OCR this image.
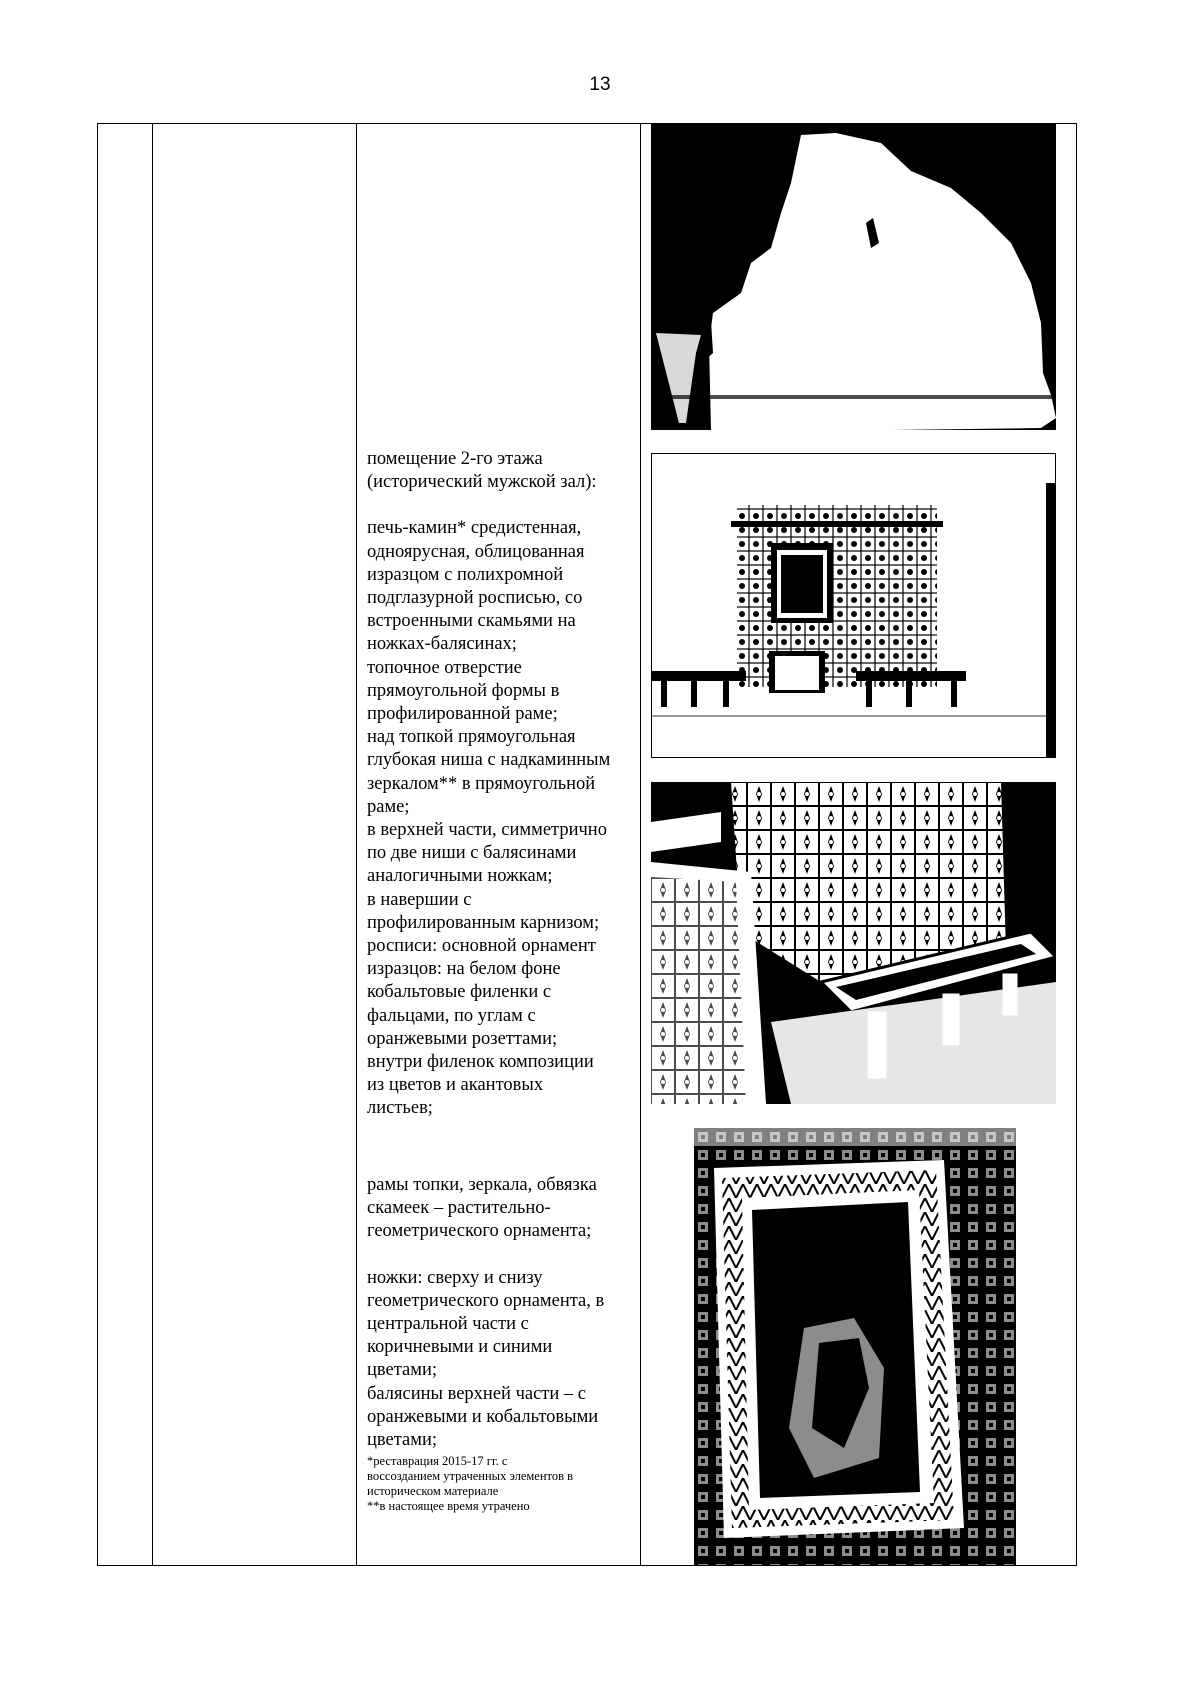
13

помещение 2-го этажа

(исторический мужской зал):

печь-камин* средистенная,

одноярусная, облицованная

изразцом с полихромной

подглазурной росписью, со

встроенными скамьями на

ножках-балясинах;

топочное отверстие

прямоугольной формы в

профилированной раме;

над топкой прямоугольная

глубокая ниша с надкаминным

зеркалом** в прямоугольной

раме;

в верхней части, симметрично

по две ниши с балясинами

аналогичными ножкам;

в навершии с

профилированным карнизом;

росписи: основной орнамент

изразцов: на белом фоне

кобальтовые филенки с

фальцами, по углам с

оранжевыми розеттами;

внутри филенок композиции

из цветов и акантовых

листьев;

рамы топки, зеркала, обвязка

скамеек – растительно-

геометрического орнамента;

ножки: сверху и снизу

геометрического орнамента, в

центральной части с

коричневыми и синими

цветами;

балясины верхней части – с

оранжевыми и кобальтовыми

цветами;

*реставрация 2015-17 гг. с

воссозданием утраченных элементов в

историческом материале

**в настоящее время утрачено
